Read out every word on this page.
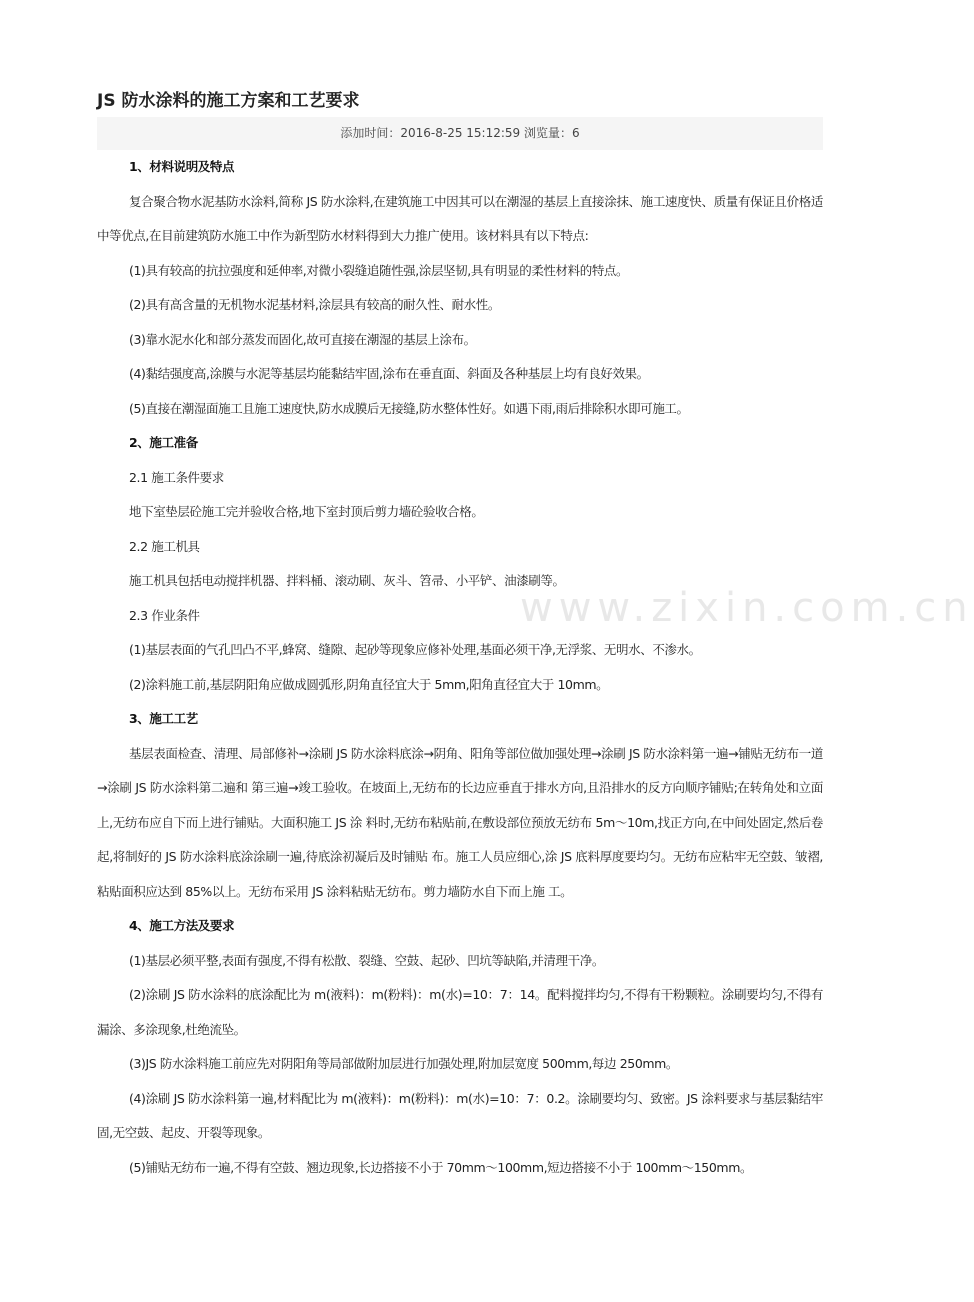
www.zixin.com.cn
JS 防水涂料的施工方案和工艺要求
添加时间：2016-8-25 15:12:59 浏览量：6
1、材料说明及特点

复合聚合物水泥基防水涂料,简称 JS 防水涂料,在建筑施工中因其可以在潮湿的基层上直接涂抹、施工速度快、质量有保证且价格适中等优点,在目前建筑防水施工中作为新型防水材料得到大力推广使用。该材料具有以下特点:

(1)具有较高的抗拉强度和延伸率,对微小裂缝追随性强,涂层坚韧,具有明显的柔性材料的特点。

(2)具有高含量的无机物水泥基材料,涂层具有较高的耐久性、耐水性。

(3)靠水泥水化和部分蒸发而固化,故可直接在潮湿的基层上涂布。

(4)黏结强度高,涂膜与水泥等基层均能黏结牢固,涂布在垂直面、斜面及各种基层上均有良好效果。

(5)直接在潮湿面施工且施工速度快,防水成膜后无接缝,防水整体性好。如遇下雨,雨后排除积水即可施工。

2、施工准备

2.1 施工条件要求

地下室垫层砼施工完并验收合格,地下室封顶后剪力墙砼验收合格。

2.2 施工机具

施工机具包括电动搅拌机器、拌料桶、滚动刷、灰斗、笤帚、小平铲、油漆刷等。

2.3 作业条件

(1)基层表面的气孔凹凸不平,蜂窝、缝隙、起砂等现象应修补处理,基面必须干净,无浮浆、无明水、不渗水。

(2)涂料施工前,基层阴阳角应做成圆弧形,阴角直径宜大于 5mm,阳角直径宜大于 10mm。

3、施工工艺

基层表面检查、清理、局部修补→涂刷 JS 防水涂料底涂→阴角、阳角等部位做加强处理→涂刷 JS 防水涂料第一遍→铺贴无纺布一道→涂刷 JS 防水涂料第二遍和 第三遍→竣工验收。在坡面上,无纺布的长边应垂直于排水方向,且沿排水的反方向顺序铺贴;在转角处和立面上,无纺布应自下而上进行铺贴。大面积施工 JS 涂 料时,无纺布粘贴前,在敷设部位预放无纺布 5m～10m,找正方向,在中间处固定,然后卷起,将制好的 JS 防水涂料底涂涂刷一遍,待底涂初凝后及时铺贴 布。施工人员应细心,涂 JS 底料厚度要均匀。无纺布应粘牢无空鼓、皱褶,粘贴面积应达到 85%以上。无纺布采用 JS 涂料粘贴无纺布。剪力墙防水自下而上施 工。

4、施工方法及要求

(1)基层必须平整,表面有强度,不得有松散、裂缝、空鼓、起砂、凹坑等缺陷,并清理干净。

(2)涂刷 JS 防水涂料的底涂配比为 m(液料)：m(粉料)：m(水)=10：7：14。配料搅拌均匀,不得有干粉颗粒。涂刷要均匀,不得有漏涂、多涂现象,杜绝流坠。

(3)JS 防水涂料施工前应先对阴阳角等局部做附加层进行加强处理,附加层宽度 500mm,每边 250mm。

(4)涂刷 JS 防水涂料第一遍,材料配比为 m(液料)：m(粉料)：m(水)=10：7：0.2。涂刷要均匀、致密。JS 涂料要求与基层黏结牢固,无空鼓、起皮、开裂等现象。

(5)铺贴无纺布一遍,不得有空鼓、翘边现象,长边搭接不小于 70mm～100mm,短边搭接不小于 100mm～150mm。
